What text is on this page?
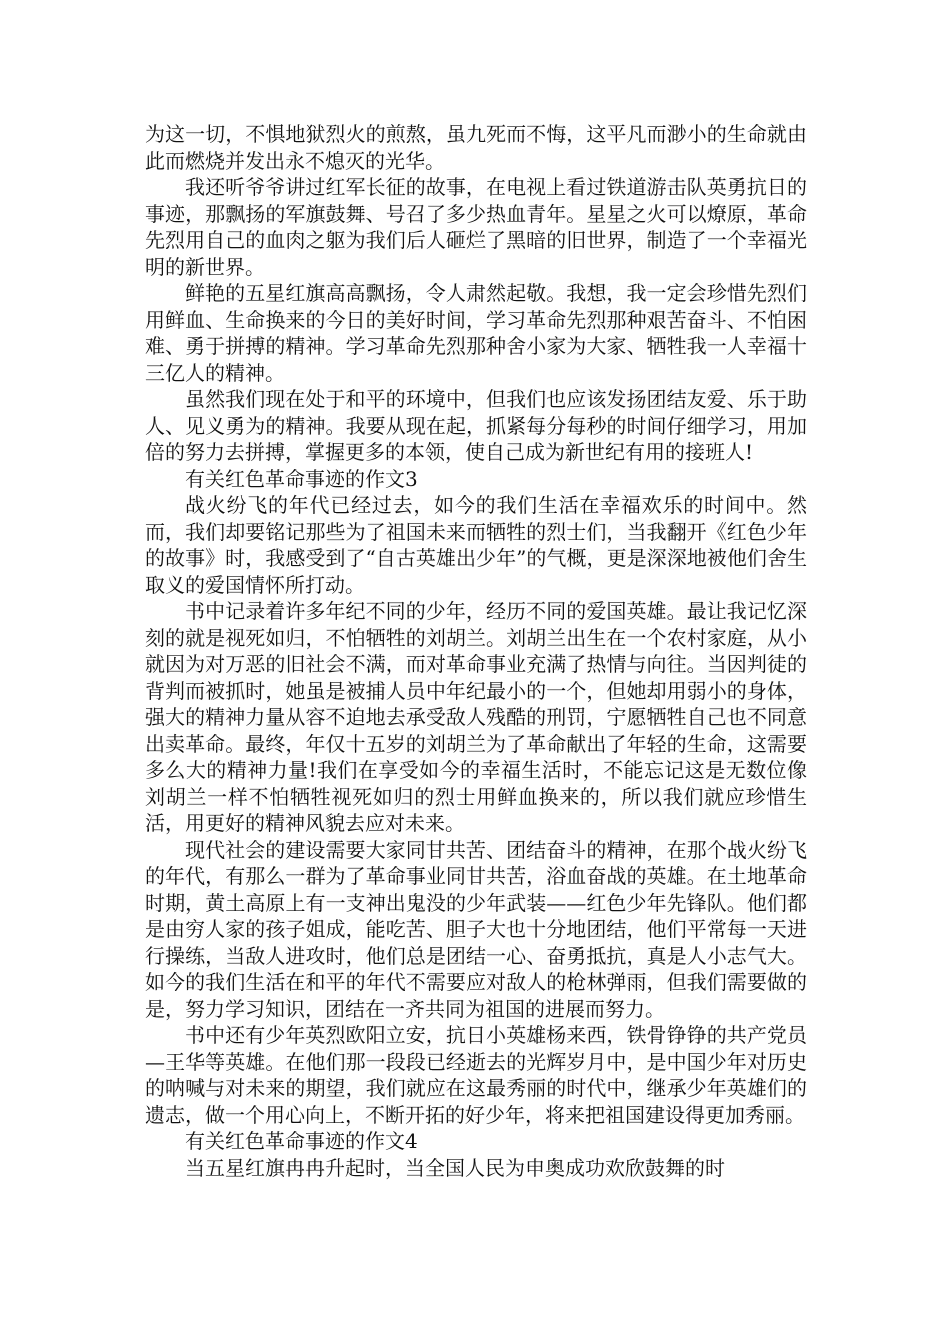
为这一切，不惧地狱烈火的煎熬，虽九死而不悔，这平凡而渺小的生命就由此而燃烧并发出永不熄灭的光华。

我还听爷爷讲过红军长征的故事，在电视上看过铁道游击队英勇抗日的事迹，那飘扬的军旗鼓舞、号召了多少热血青年。星星之火可以燎原，革命先烈用自己的血肉之躯为我们后人砸烂了黑暗的旧世界，制造了一个幸福光明的新世界。

鲜艳的五星红旗高高飘扬，令人肃然起敬。我想，我一定会珍惜先烈们用鲜血、生命换来的今日的美好时间，学习革命先烈那种艰苦奋斗、不怕困难、勇于拼搏的精神。学习革命先烈那种舍小家为大家、牺牲我一人幸福十三亿人的精神。

虽然我们现在处于和平的环境中，但我们也应该发扬团结友爱、乐于助人、见义勇为的精神。我要从现在起，抓紧每分每秒的时间仔细学习，用加倍的努力去拼搏，掌握更多的本领，使自己成为新世纪有用的接班人!

有关红色革命事迹的作文3

战火纷飞的年代已经过去，如今的我们生活在幸福欢乐的时间中。然而，我们却要铭记那些为了祖国未来而牺牲的烈士们，当我翻开《红色少年的故事》时，我感受到了“自古英雄出少年”的气概，更是深深地被他们舍生取义的爱国情怀所打动。

书中记录着许多年纪不同的少年，经历不同的爱国英雄。最让我记忆深刻的就是视死如归，不怕牺牲的刘胡兰。刘胡兰出生在一个农村家庭，从小就因为对万恶的旧社会不满，而对革命事业充满了热情与向往。当因判徒的背判而被抓时，她虽是被捕人员中年纪最小的一个，但她却用弱小的身体，强大的精神力量从容不迫地去承受敌人残酷的刑罚，宁愿牺牲自己也不同意出卖革命。最终，年仅十五岁的刘胡兰为了革命献出了年轻的生命，这需要多么大的精神力量!我们在享受如今的幸福生活时，不能忘记这是无数位像刘胡兰一样不怕牺牲视死如归的烈士用鲜血换来的，所以我们就应珍惜生活，用更好的精神风貌去应对未来。

现代社会的建设需要大家同甘共苦、团结奋斗的精神，在那个战火纷飞的年代，有那么一群为了革命事业同甘共苦，浴血奋战的英雄。在土地革命时期，黄土高原上有一支神出鬼没的少年武装——红色少年先锋队。他们都是由穷人家的孩子姐成，能吃苦、胆子大也十分地团结，他们平常每一天进行操练，当敌人进攻时，他们总是团结一心、奋勇抵抗，真是人小志气大。如今的我们生活在和平的年代不需要应对敌人的枪林弹雨，但我们需要做的是，努力学习知识，团结在一齐共同为祖国的进展而努力。

书中还有少年英烈欧阳立安，抗日小英雄杨来西，铁骨铮铮的共产党员—王华等英雄。在他们那一段段已经逝去的光辉岁月中，是中国少年对历史的呐喊与对未来的期望，我们就应在这最秀丽的时代中，继承少年英雄们的遗志，做一个用心向上，不断开拓的好少年，将来把祖国建设得更加秀丽。

有关红色革命事迹的作文4

当五星红旗冉冉升起时，当全国人民为申奥成功欢欣鼓舞的时
